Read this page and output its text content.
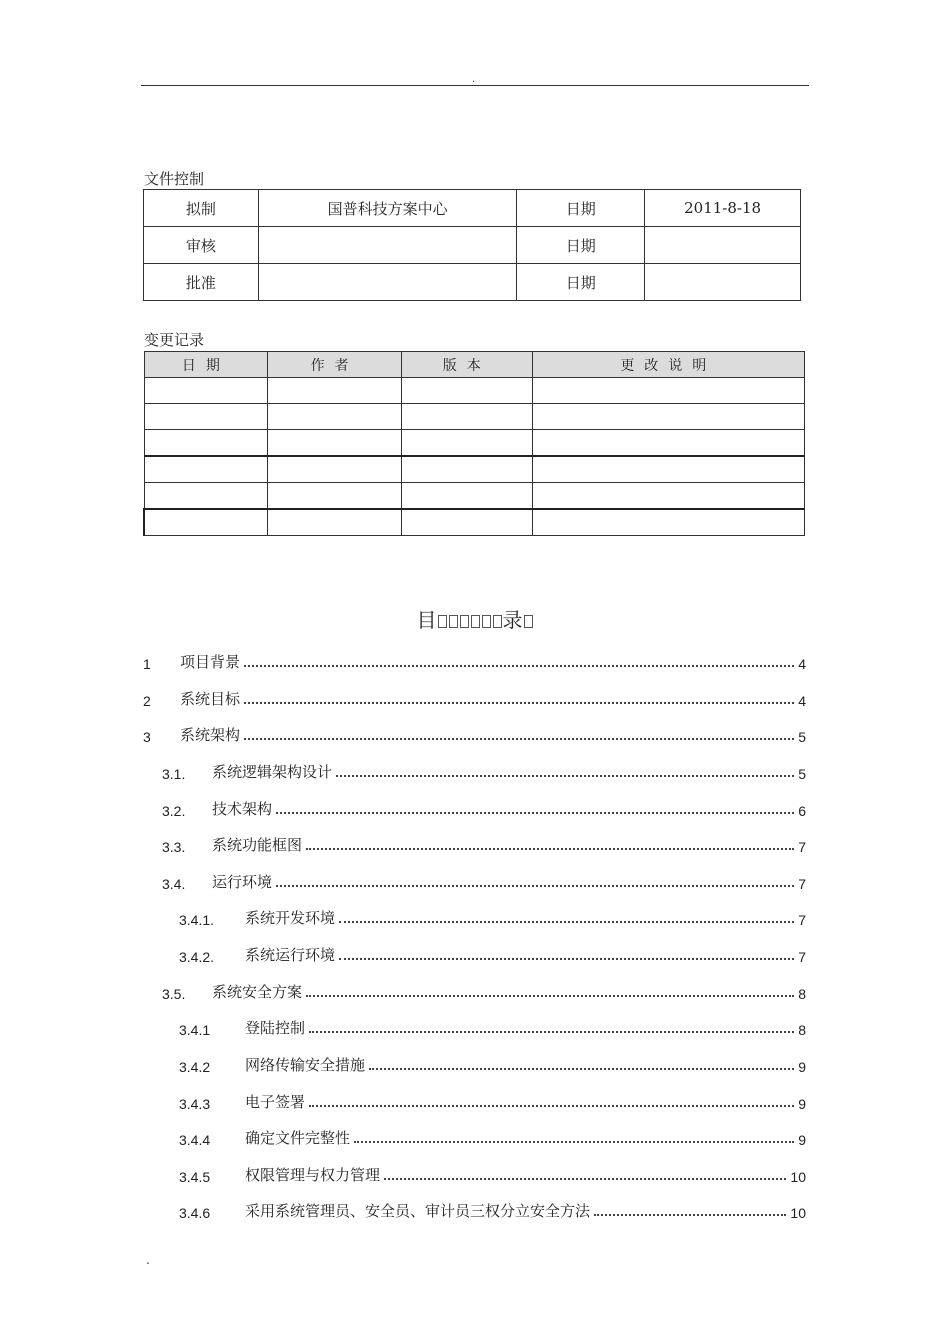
.
文件控制
拟制	国普科技方案中心	日期	2011-8-18
审核		日期	
批准		日期	
变更记录
日期	作者	版本	更改说明

目	录
1	项目背景	4
2	系统目标	4
3	系统架构	5
3.1.	系统逻辑架构设计	5
3.2.	技术架构	6
3.3.	系统功能框图	7
3.4.	运行环境	7
3.4.1.	系统开发环境	7
3.4.2.	系统运行环境	7
3.5.	系统安全方案	8
3.4.1	登陆控制	8
3.4.2	网络传输安全措施	9
3.4.3	电子签署	9
3.4.4	确定文件完整性	9
3.4.5	权限管理与权力管理	10
3.4.6	采用系统管理员、安全员、审计员三权分立安全方法	10
.
